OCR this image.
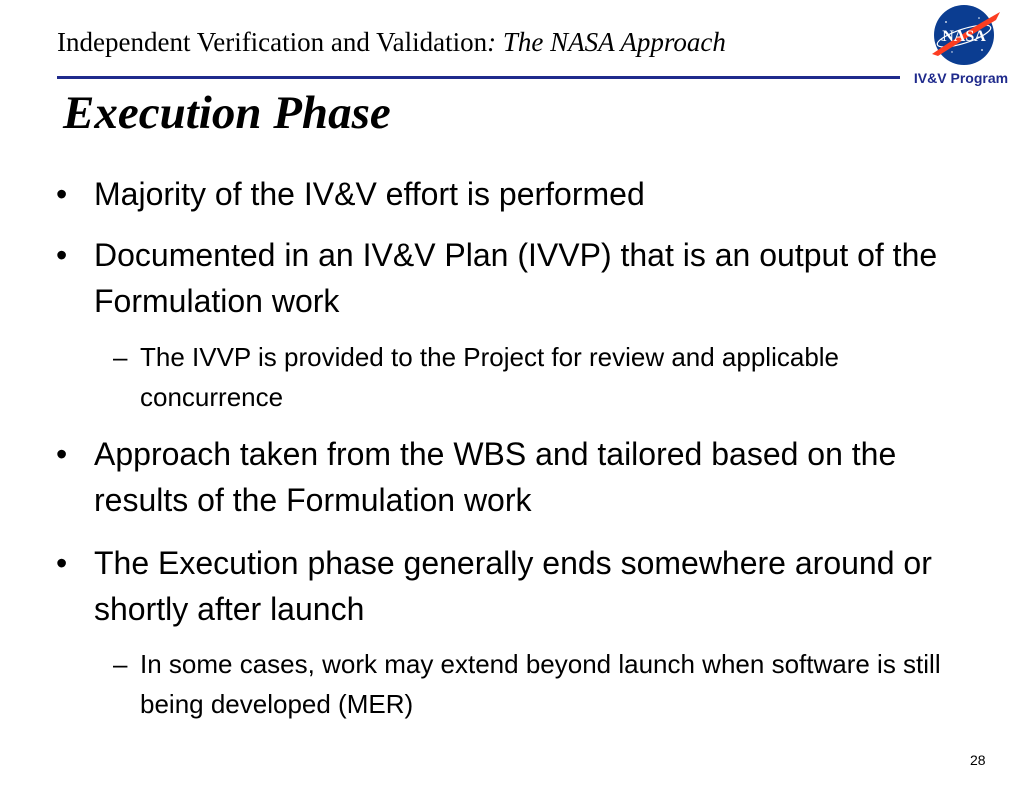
Independent Verification and Validation: The NASA Approach	NASA
IV&V Program
Execution Phase
• Majority of the IV&V effort is performed
• Documented in an IV&V Plan (IVVP) that is an output of the Formulation work
– The IVVP is provided to the Project for review and applicable concurrence
• Approach taken from the WBS and tailored based on the results of the Formulation work
• The Execution phase generally ends somewhere around or shortly after launch
– In some cases, work may extend beyond launch when software is still being developed (MER)
28
